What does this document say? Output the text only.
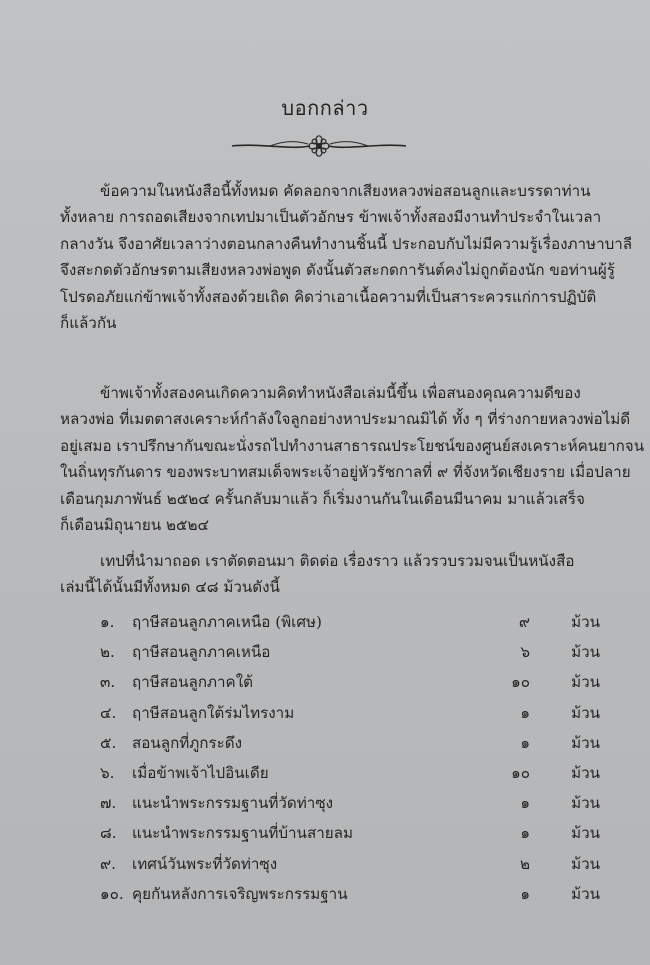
บอกกล่าว

ข้อความในหนังสือนี้ทั้งหมด คัดลอกจากเสียงหลวงพ่อสอนลูกและบรรดาท่าน
ทั้งหลาย การถอดเสียงจากเทปมาเป็นตัวอักษร ข้าพเจ้าทั้งสองมีงานทำประจำในเวลา
กลางวัน จึงอาศัยเวลาว่างตอนกลางคืนทำงานชิ้นนี้ ประกอบกับไม่มีความรู้เรื่องภาษาบาลี
จึงสะกดตัวอักษรตามเสียงหลวงพ่อพูด ดังนั้นตัวสะกดการันต์คงไม่ถูกต้องนัก ขอท่านผู้รู้
โปรดอภัยแก่ข้าพเจ้าทั้งสองด้วยเถิด คิดว่าเอาเนื้อความที่เป็นสาระควรแก่การปฏิบัติ
ก็แล้วกัน

ข้าพเจ้าทั้งสองคนเกิดความคิดทำหนังสือเล่มนี้ขึ้น เพื่อสนองคุณความดีของ
หลวงพ่อ ที่เมตตาสงเคราะห์กำลังใจลูกอย่างหาประมาณมิได้ ทั้ง ๆ ที่ร่างกายหลวงพ่อไม่ดี
อยู่เสมอ เราปรึกษากันขณะนั่งรถไปทำงานสาธารณประโยชน์ของศูนย์สงเคราะห์คนยากจน
ในถิ่นทุรกันดาร ของพระบาทสมเด็จพระเจ้าอยู่หัวรัชกาลที่ ๙ ที่จังหวัดเชียงราย เมื่อปลาย
เดือนกุมภาพันธ์ ๒๕๒๔ ครั้นกลับมาแล้ว ก็เริ่มงานกันในเดือนมีนาคม มาแล้วเสร็จ
ก็เดือนมิถุนายน ๒๕๒๔

เทปที่นำมาถอด เราตัดตอนมา ติดต่อ เรื่องราว แล้วรวบรวมจนเป็นหนังสือ
เล่มนี้ได้นั้นมีทั้งหมด ๔๘ ม้วนดังนี้

๑. ฤาษีสอนลูกภาคเหนือ (พิเศษ)	๙	ม้วน
๒. ฤาษีสอนลูกภาคเหนือ	๖	ม้วน
๓. ฤาษีสอนลูกภาคใต้	๑๐	ม้วน
๔. ฤาษีสอนลูกใต้ร่มไทรงาม	๑	ม้วน
๕. สอนลูกที่ภูกระดึง	๑	ม้วน
๖. เมื่อข้าพเจ้าไปอินเดีย	๑๐	ม้วน
๗. แนะนำพระกรรมฐานที่วัดท่าซุง	๑	ม้วน
๘. แนะนำพระกรรมฐานที่บ้านสายลม	๑	ม้วน
๙. เทศน์วันพระที่วัดท่าซุง	๒	ม้วน
๑๐. คุยกันหลังการเจริญพระกรรมฐาน	๑	ม้วน
